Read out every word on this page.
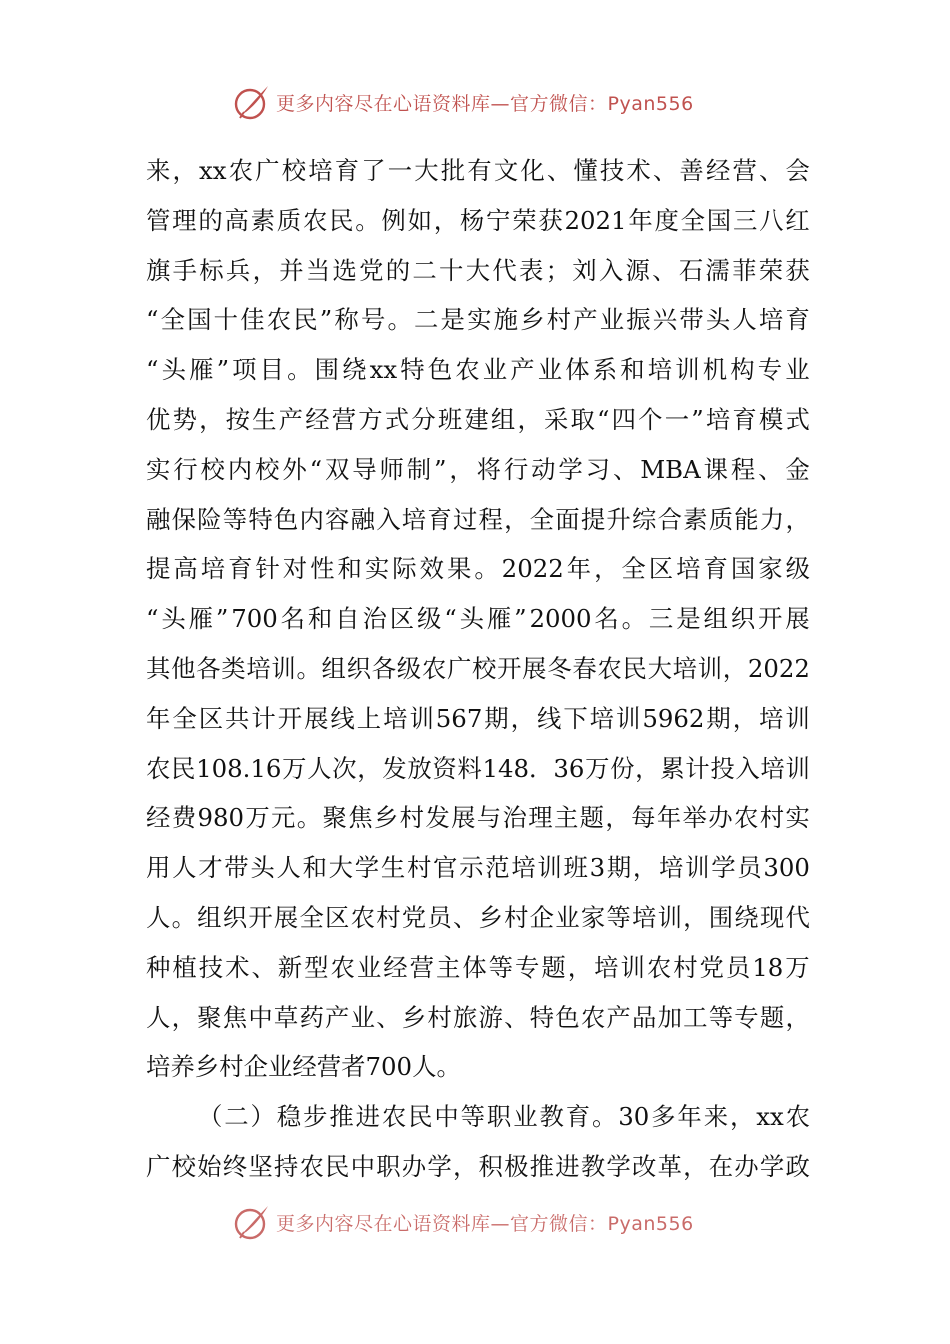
更多内容尽在心语资料库—官方微信：Pyan556
来 ， xx 农 广 校 培 育 了 一 大 批 有 文 化 、 懂 技 术 、 善 经 营 、 会
管 理 的 高 素 质 农 民 。 例 如 ， 杨 宁 荣 获 2021 年 度 全 国 三 八 红
旗 手 标 兵 ， 并 当 选 党 的 二 十 大 代 表 ； 刘 入 源 、 石 濡 菲 荣 获
“ 全 国 十 佳 农 民 ” 称 号 。 二 是 实 施 乡 村 产 业 振 兴 带 头 人 培 育
“ 头 雁 ” 项 目 。 围 绕 xx 特 色 农 业 产 业 体 系 和 培 训 机 构 专 业
优 势 ， 按 生 产 经 营 方 式 分 班 建 组 ， 采 取 “ 四 个 一 ” 培 育 模 式
实 行 校 内 校 外 “ 双 导 师 制 ” ， 将 行 动 学 习 、 MBA 课 程 、 金
融 保 险 等 特 色 内 容 融 入 培 育 过 程 ， 全 面 提 升 综 合 素 质 能 力 ，
提 高 培 育 针 对 性 和 实 际 效 果 。 2022 年 ， 全 区 培 育 国 家 级
“ 头 雁 ” 700 名 和 自 治 区 级 “ 头 雁 ” 2000 名 。 三 是 组 织 开 展
其 他 各 类 培 训 。 组 织 各 级 农 广 校 开 展 冬 春 农 民 大 培 训 ， 2022
年 全 区 共 计 开 展 线 上 培 训 567 期 ， 线 下 培 训 5962 期 ， 培 训
农 民 108.16 万 人 次 ， 发 放 资 料 148．36 万 份 ， 累 计 投 入 培 训
经 费 980 万 元 。 聚 焦 乡 村 发 展 与 治 理 主 题 ， 每 年 举 办 农 村 实
用 人 才 带 头 人 和 大 学 生 村 官 示 范 培 训 班 3 期 ， 培 训 学 员 300
人 。 组 织 开 展 全 区 农 村 党 员 、 乡 村 企 业 家 等 培 训 ， 围 绕 现 代
种 植 技 术 、 新 型 农 业 经 营 主 体 等 专 题 ， 培 训 农 村 党 员 18 万
人 ， 聚 焦 中 草 药 产 业 、 乡 村 旅 游 、 特 色 农 产 品 加 工 等 专 题 ，
培养乡村企业经营者700人。
（ 二 ） 稳 步 推 进 农 民 中 等 职 业 教 育 。 30 多 年 来 ， xx 农
广 校 始 终 坚 持 农 民 中 职 办 学 ， 积 极 推 进 教 学 改 革 ， 在 办 学 政
更多内容尽在心语资料库—官方微信：Pyan556
